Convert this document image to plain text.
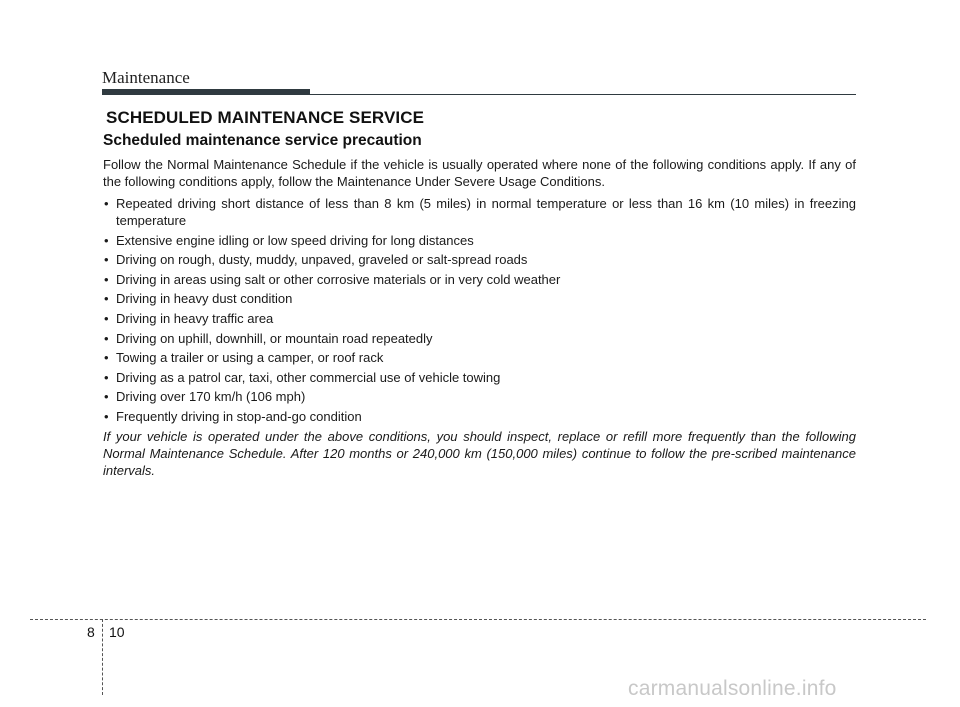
Maintenance
SCHEDULED MAINTENANCE SERVICE
Scheduled maintenance service precaution

Follow the Normal Maintenance Schedule if the vehicle is usually operated where none of the following conditions apply. If any of the following conditions apply, follow the Maintenance Under Severe Usage Conditions.

• Repeated driving short distance of less than 8 km (5 miles) in normal temperature or less than 16 km (10 miles) in freezing temperature
• Extensive engine idling or low speed driving for long distances
• Driving on rough, dusty, muddy, unpaved, graveled or salt-spread roads
• Driving in areas using salt or other corrosive materials or in very cold weather
• Driving in heavy dust condition
• Driving in heavy traffic area
• Driving on uphill, downhill, or mountain road repeatedly
• Towing a trailer or using a camper, or roof rack
• Driving as a patrol car, taxi, other commercial use of vehicle towing
• Driving over 170 km/h (106 mph)
• Frequently driving in stop-and-go condition

If your vehicle is operated under the above conditions, you should inspect, replace or refill more frequently than the following Normal Maintenance Schedule. After 120 months or 240,000 km (150,000 miles) continue to follow the pre-scribed maintenance intervals.

8 10
carmanualsonline.info
